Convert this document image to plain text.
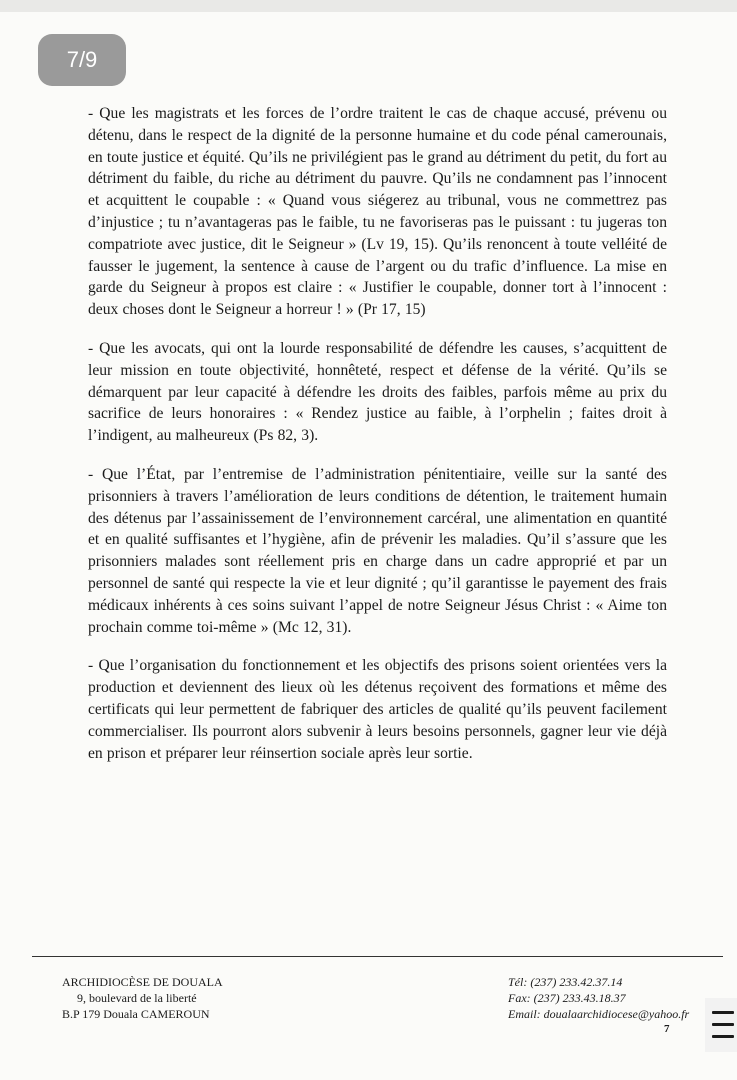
7/9

- Que les magistrats et les forces de l’ordre traitent le cas de chaque accusé, prévenu ou détenu, dans le respect de la dignité de la personne humaine et du code pénal camerounais, en toute justice et équité. Qu’ils ne privilégient pas le grand au détriment du petit, du fort au détriment du faible, du riche au détriment du pauvre. Qu’ils ne condamnent pas l’innocent et acquittent le coupable : « Quand vous siégerez au tribunal, vous ne commettrez pas d’injustice ; tu n’avantageras pas le faible, tu ne favoriseras pas le puissant : tu jugeras ton compatriote avec justice, dit le Seigneur » (Lv 19, 15). Qu’ils renoncent à toute velléité de fausser le jugement, la sentence à cause de l’argent ou du trafic d’influence. La mise en garde du Seigneur à propos est claire : « Justifier le coupable, donner tort à l’innocent : deux choses dont le Seigneur a horreur ! » (Pr 17, 15)

- Que les avocats, qui ont la lourde responsabilité de défendre les causes, s’acquittent de leur mission en toute objectivité, honnêteté, respect et défense de la vérité. Qu’ils se démarquent par leur capacité à défendre les droits des faibles, parfois même au prix du sacrifice de leurs honoraires : « Rendez justice au faible, à l’orphelin ; faites droit à l’indigent, au malheureux (Ps 82, 3).

- Que l’État, par l’entremise de l’administration pénitentiaire, veille sur la santé des prisonniers à travers l’amélioration de leurs conditions de détention, le traitement humain des détenus par l’assainissement de l’environnement carcéral, une alimentation en quantité et en qualité suffisantes et l’hygiène, afin de prévenir les maladies. Qu’il s’assure que les prisonniers malades sont réellement pris en charge dans un cadre approprié et par un personnel de santé qui respecte la vie et leur dignité ; qu’il garantisse le payement des frais médicaux inhérents à ces soins suivant l’appel de notre Seigneur Jésus Christ : « Aime ton prochain comme toi-même » (Mc 12, 31).

- Que l’organisation du fonctionnement et les objectifs des prisons soient orientées vers la production et deviennent des lieux où les détenus reçoivent des formations et même des certificats qui leur permettent de fabriquer des articles de qualité qu’ils peuvent facilement commercialiser. Ils pourront alors subvenir à leurs besoins personnels, gagner leur vie déjà en prison et préparer leur réinsertion sociale après leur sortie.

ARCHIDIOCÈSE DE DOUALA
9, boulevard de la liberté
B.P 179 Douala CAMEROUN
Tél: (237) 233.42.37.14
Fax: (237) 233.43.18.37
Email: doualaarchidiocese@yahoo.fr
7
